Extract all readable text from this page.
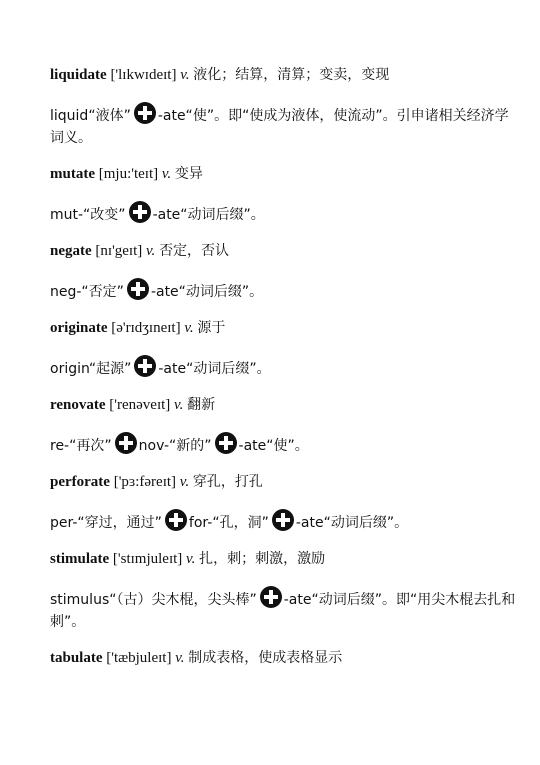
liquidate ['lɪkwɪdeɪt] v. 液化；结算，清算；变卖，变现

liquid“液体” -ate“使”。即“使成为液体，使流动”。引申诸相关经济学词义。

mutate [mju:'teɪt] v. 变异

mut-“改变” -ate“动词后缀”。

negate [nɪ'geɪt] v. 否定，否认

neg-“否定” -ate“动词后缀”。

originate [ə'rɪdʒɪneɪt] v. 源于

origin“起源” -ate“动词后缀”。

renovate ['renəveɪt] v. 翻新

re-“再次” nov-“新的” -ate“使”。

perforate ['pɜ:fəreɪt] v. 穿孔，打孔

per-“穿过，通过” for-“孔，洞” -ate“动词后缀”。

stimulate ['stɪmjuleɪt] v. 扎，刺；刺激，激励

stimulus“（古）尖木棍，尖头棒” -ate“动词后缀”。即“用尖木棍去扎和刺”。

tabulate ['tæbjuleɪt] v. 制成表格，使成表格显示
